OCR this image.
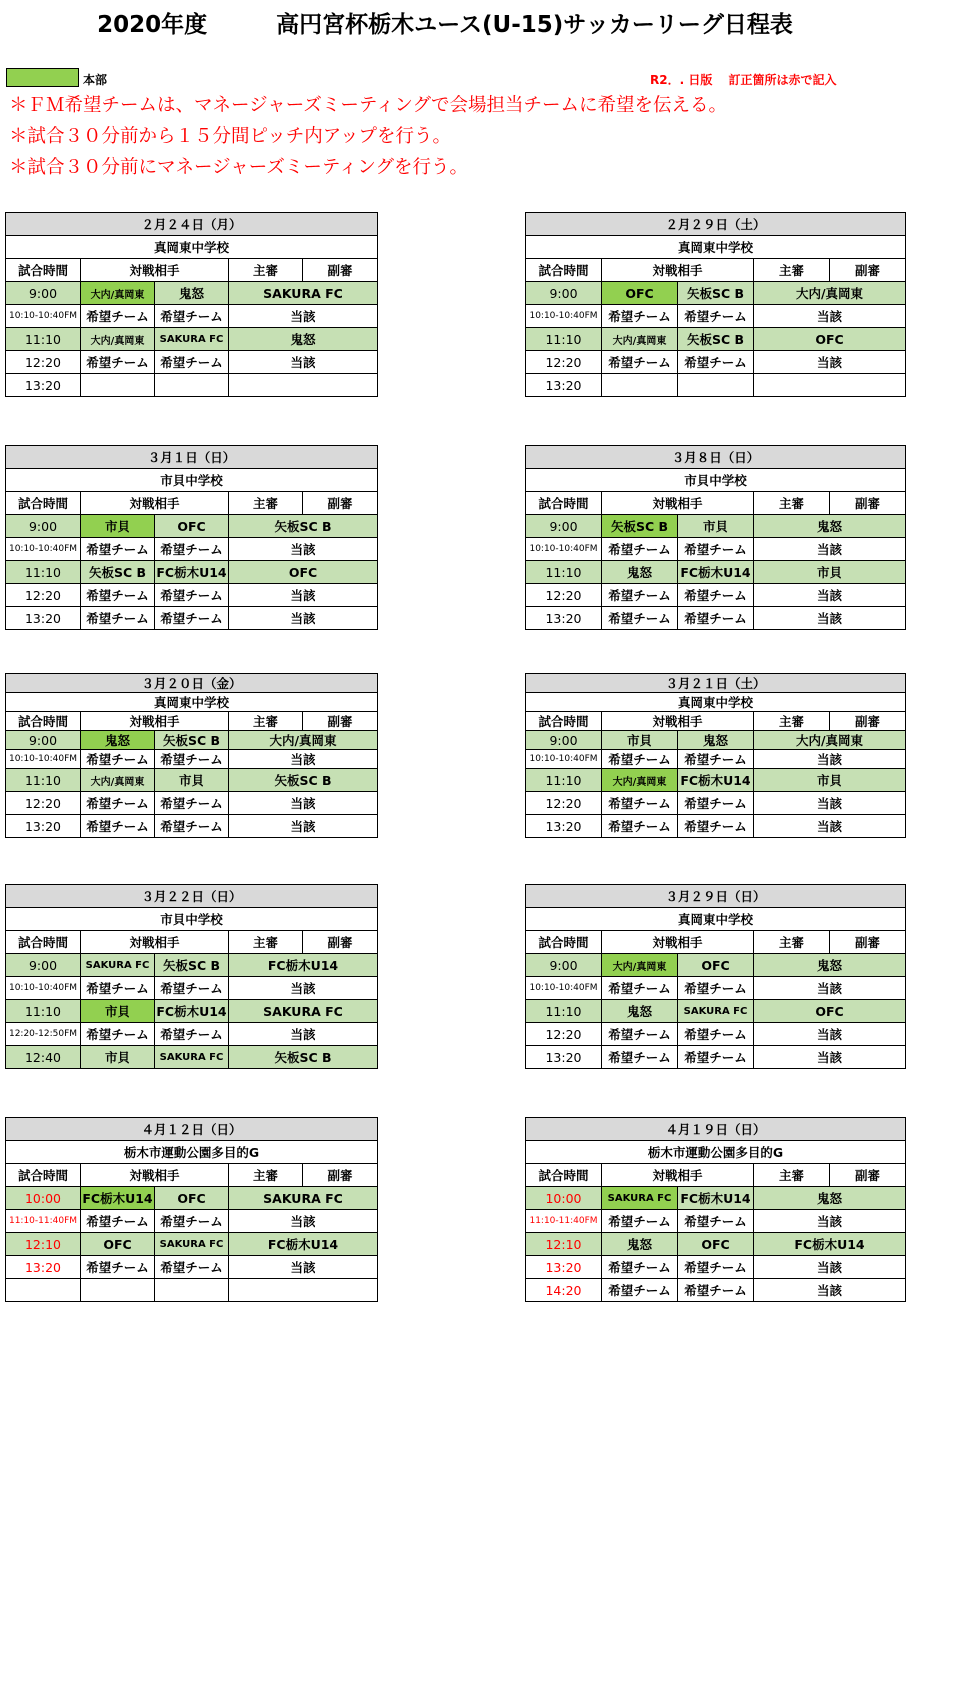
2020年度　　　高円宮杯栃木ユース(U-15)サッカーリーグ日程表
本部	R2．. 日版　 訂正箇所は赤で記入
＊ＦＭ希望チームは、マネージャーズミーティングで会場担当チームに希望を伝える。
＊試合３０分前から１５分間ピッチ内アップを行う。
＊試合３０分前にマネージャーズミーティングを行う。
２月２４日（月）				
真岡東中学校				
試合時間	対戦相手		主審	副審
9:00	大内/真岡東	鬼怒	SAKURA FC	
10:10-10:40FM	希望チーム	希望チーム	当該	
11:10	大内/真岡東	SAKURA FC	鬼怒	
12:20	希望チーム	希望チーム	当該	
13:20				
２月２９日（土）				
真岡東中学校				
試合時間	対戦相手		主審	副審
9:00	OFC	矢板SC B	大内/真岡東	
10:10-10:40FM	希望チーム	希望チーム	当該	
11:10	大内/真岡東	矢板SC B	OFC	
12:20	希望チーム	希望チーム	当該	
13:20				
３月１日（日）				
市貝中学校				
試合時間	対戦相手		主審	副審
9:00	市貝	OFC	矢板SC B	
10:10-10:40FM	希望チーム	希望チーム	当該	
11:10	矢板SC B	FC栃木U14	OFC	
12:20	希望チーム	希望チーム	当該	
13:20	希望チーム	希望チーム	当該	
３月８日（日）				
市貝中学校				
試合時間	対戦相手		主審	副審
9:00	矢板SC B	市貝	鬼怒	
10:10-10:40FM	希望チーム	希望チーム	当該	
11:10	鬼怒	FC栃木U14	市貝	
12:20	希望チーム	希望チーム	当該	
13:20	希望チーム	希望チーム	当該	
３月２０日（金）				
真岡東中学校				
試合時間	対戦相手		主審	副審
9:00	鬼怒	矢板SC B	大内/真岡東	
10:10-10:40FM	希望チーム	希望チーム	当該	
11:10	大内/真岡東	市貝	矢板SC B	
12:20	希望チーム	希望チーム	当該	
13:20	希望チーム	希望チーム	当該	
３月２１日（土）				
真岡東中学校				
試合時間	対戦相手		主審	副審
9:00	市貝	鬼怒	大内/真岡東	
10:10-10:40FM	希望チーム	希望チーム	当該	
11:10	大内/真岡東	FC栃木U14	市貝	
12:20	希望チーム	希望チーム	当該	
13:20	希望チーム	希望チーム	当該	
３月２２日（日）				
市貝中学校				
試合時間	対戦相手		主審	副審
9:00	SAKURA FC	矢板SC B	FC栃木U14	
10:10-10:40FM	希望チーム	希望チーム	当該	
11:10	市貝	FC栃木U14	SAKURA FC	
12:20-12:50FM	希望チーム	希望チーム	当該	
12:40	市貝	SAKURA FC	矢板SC B	
３月２９日（日）				
真岡東中学校				
試合時間	対戦相手		主審	副審
9:00	大内/真岡東	OFC	鬼怒	
10:10-10:40FM	希望チーム	希望チーム	当該	
11:10	鬼怒	SAKURA FC	OFC	
12:20	希望チーム	希望チーム	当該	
13:20	希望チーム	希望チーム	当該	
４月１２日（日）				
栃木市運動公園多目的G				
試合時間	対戦相手		主審	副審
10:00	FC栃木U14	OFC	SAKURA FC	
11:10-11:40FM	希望チーム	希望チーム	当該	
12:10	OFC	SAKURA FC	FC栃木U14	
13:20	希望チーム	希望チーム	当該	

４月１９日（日）				
栃木市運動公園多目的G				
試合時間	対戦相手		主審	副審
10:00	SAKURA FC	FC栃木U14	鬼怒	
11:10-11:40FM	希望チーム	希望チーム	当該	
12:10	鬼怒	OFC	FC栃木U14	
13:20	希望チーム	希望チーム	当該	
14:20	希望チーム	希望チーム	当該	
